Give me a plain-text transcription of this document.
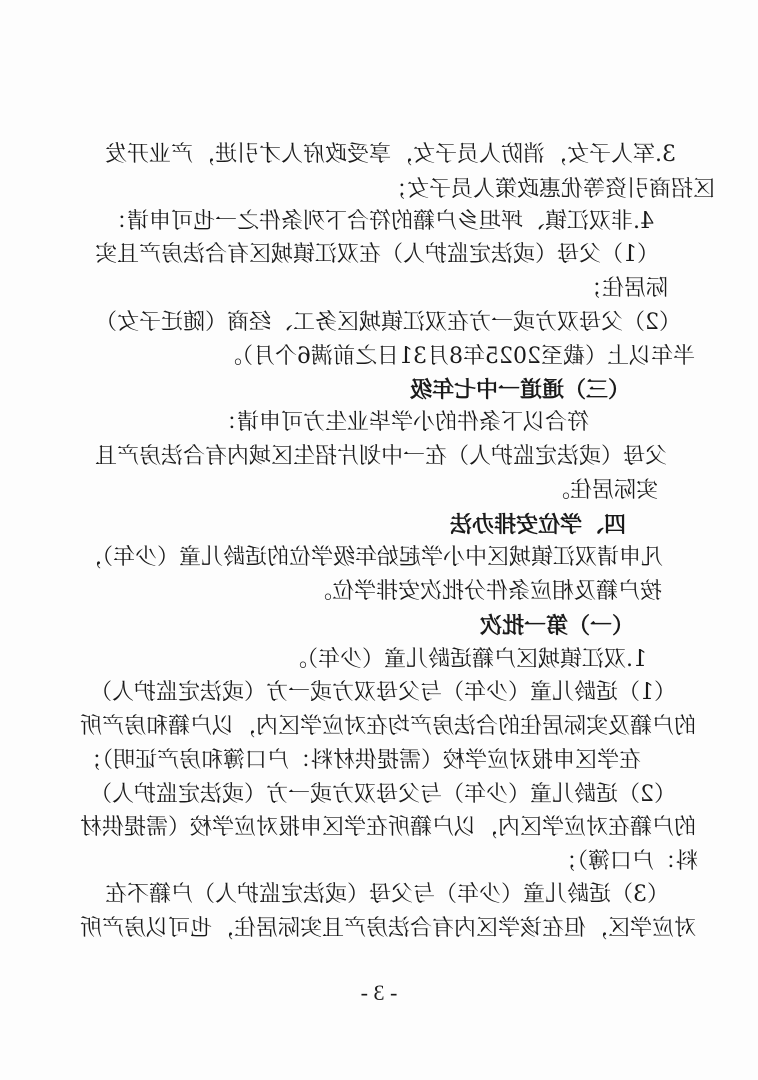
3.军人子女，消防人员子女，享受政府人才引进，产业开发
区招商引资等优惠政策人员子女；
4.非双江镇、坪坦乡户籍的符合下列条件之一也可申请：
（1）父母（或法定监护人）在双江镇城区有合法房产且实
际居住；
（2）父母双方或一方在双江镇城区务工、经商（随迁子女）
半年以上（截至2025年8月31日之前满6个月）。
（三）通道一中七年级
符合以下条件的小学毕业生方可申请：
父母（或法定监护人）在一中划片招生区域内有合法房产且
实际居住。
四、学位安排办法
凡申请双江镇城区中小学起始年级学位的适龄儿童（少年），
按户籍及相应条件分批次安排学位。
（一）第一批次
1.双江镇城区户籍适龄儿童（少年）。
（1）适龄儿童（少年）与父母双方或一方（或法定监护人）
的户籍及实际居住的合法房产均在对应学区内，以户籍和房产所
在学区申报对应学校（需提供材料：户口簿和房产证明）；
（2）适龄儿童（少年）与父母双方或一方（或法定监护人）
的户籍在对应学区内，以户籍所在学区申报对应学校（需提供材
料：户口簿）；
（3）适龄儿童（少年）与父母（或法定监护人）户籍不在
对应学区，但在该学区内有合法房产且实际居住，也可以房产所
- 3 -
